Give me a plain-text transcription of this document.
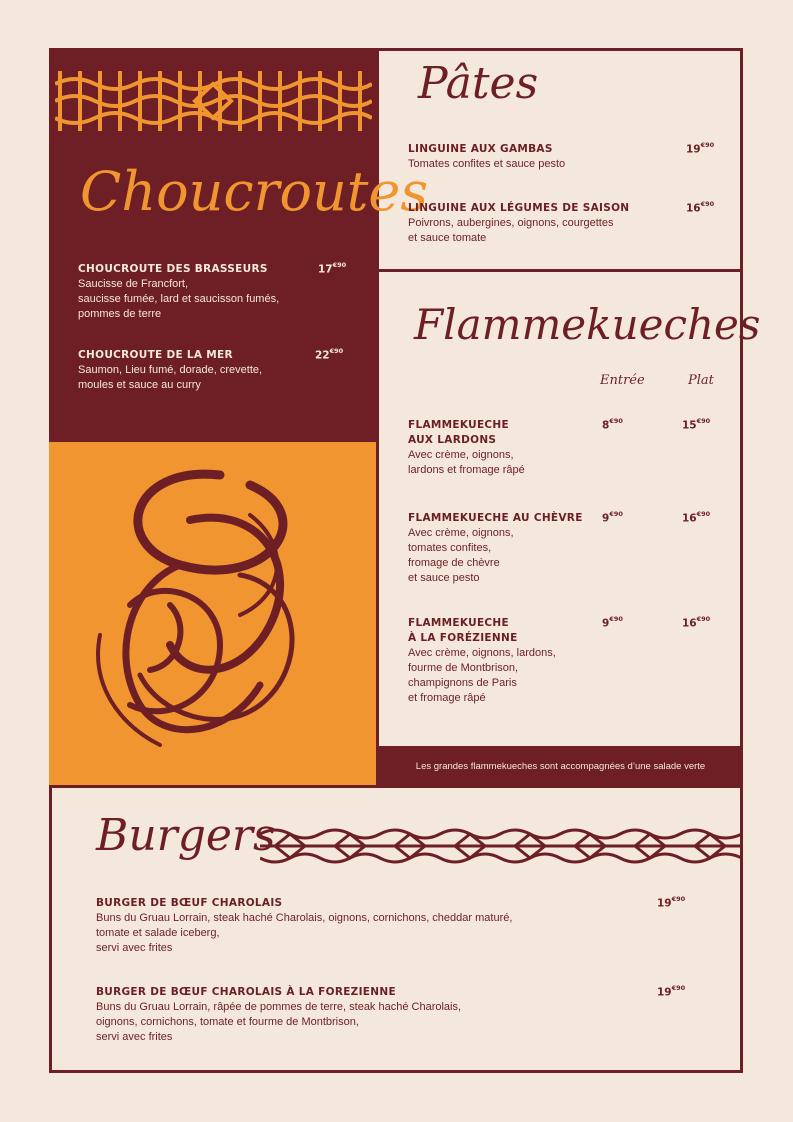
Choucroutes
CHOUCROUTE DES BRASSEURS
Saucisse de Francfort,
saucisse fumée, lard et saucisson fumés,
pommes de terre
$17^{€90}$
CHOUCROUTE DE LA MER
Saumon, Lieu fumé, dorade, crevette,
moules et sauce au curry
$22^{€90}$
Pâtes
LINGUINE AUX GAMBAS
Tomates confites et sauce pesto
$19^{€90}$
LINGUINE AUX LÉGUMES DE SAISON
Poivrons, aubergines, oignons, courgettes
et sauce tomate
$16^{€90}$
Flammekueches
Entrée	Plat
FLAMMEKUECHE
AUX LARDONS
Avec crème, oignons,
lardons et fromage râpé
$8^{€90}$	$15^{€90}$
FLAMMEKUECHE AU CHÈVRE
Avec crème, oignons,
tomates confites,
fromage de chèvre
et sauce pesto
$9^{€90}$	$16^{€90}$
FLAMMEKUECHE
À LA FORÉZIENNE
Avec crème, oignons, lardons,
fourme de Montbrison,
champignons de Paris
et fromage râpé
$9^{€90}$	$16^{€90}$
Les grandes flammekueches sont accompagnées d’une salade verte
Burgers
BURGER DE BŒUF CHAROLAIS
Buns du Gruau Lorrain, steak haché Charolais, oignons, cornichons, cheddar maturé,
tomate et salade iceberg,
servi avec frites
$19^{€90}$
BURGER DE BŒUF CHAROLAIS À LA FOREZIENNE
Buns du Gruau Lorrain, râpée de pommes de terre, steak haché Charolais,
oignons, cornichons, tomate et fourme de Montbrison,
servi avec frites
$19^{€90}$
